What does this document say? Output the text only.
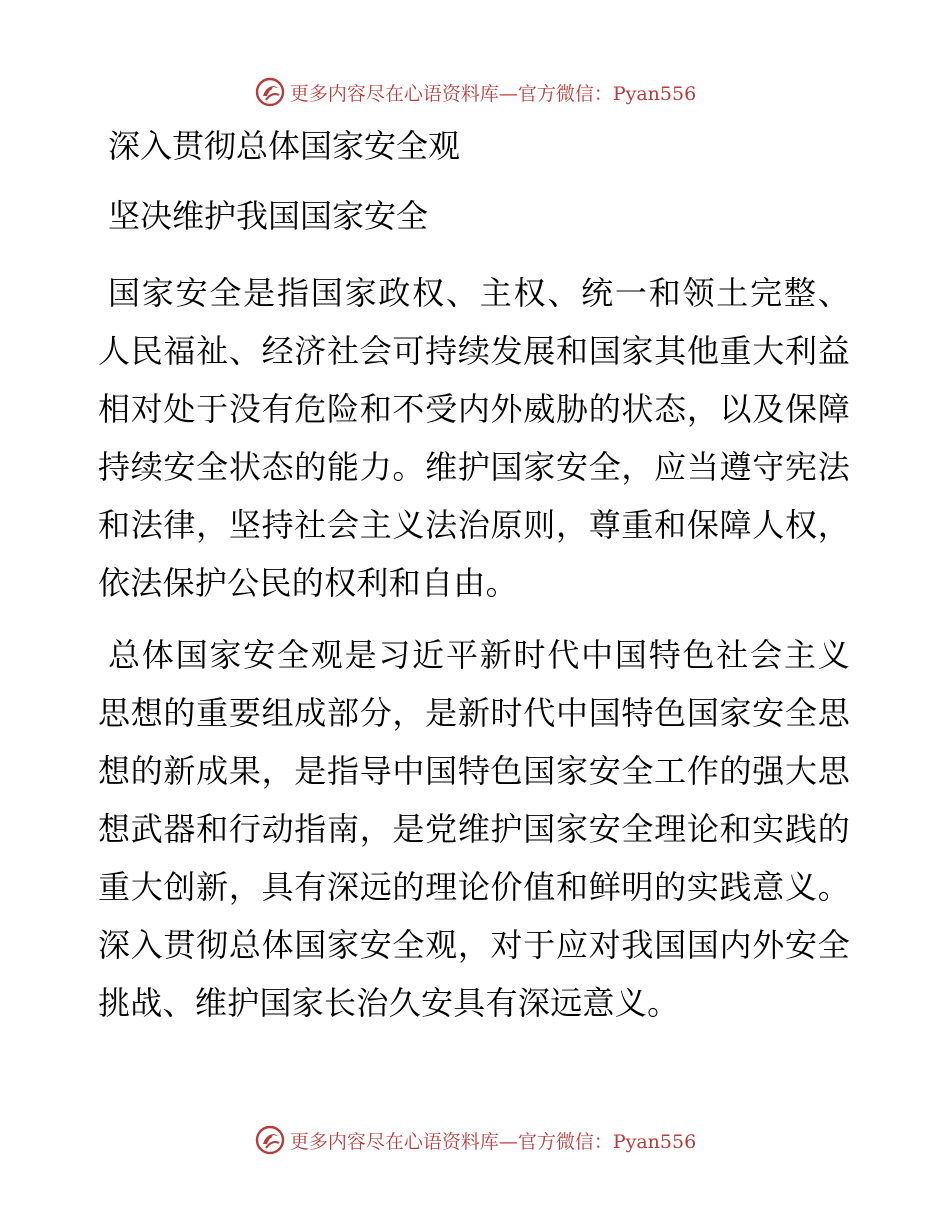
更多内容尽在心语资料库—官方微信：Pyan556
深入贯彻总体国家安全观
坚决维护我国国家安全

国家安全是指国家政权、主权、统一和领土完整、人民福祉、经济社会可持续发展和国家其他重大利益相对处于没有危险和不受内外威胁的状态，以及保障持续安全状态的能力。维护国家安全，应当遵守宪法和法律，坚持社会主义法治原则，尊重和保障人权，依法保护公民的权利和自由。

总体国家安全观是习近平新时代中国特色社会主义思想的重要组成部分，是新时代中国特色国家安全思想的新成果，是指导中国特色国家安全工作的强大思想武器和行动指南，是党维护国家安全理论和实践的重大创新，具有深远的理论价值和鲜明的实践意义。深入贯彻总体国家安全观，对于应对我国国内外安全挑战、维护国家长治久安具有深远意义。

更多内容尽在心语资料库—官方微信：Pyan556
